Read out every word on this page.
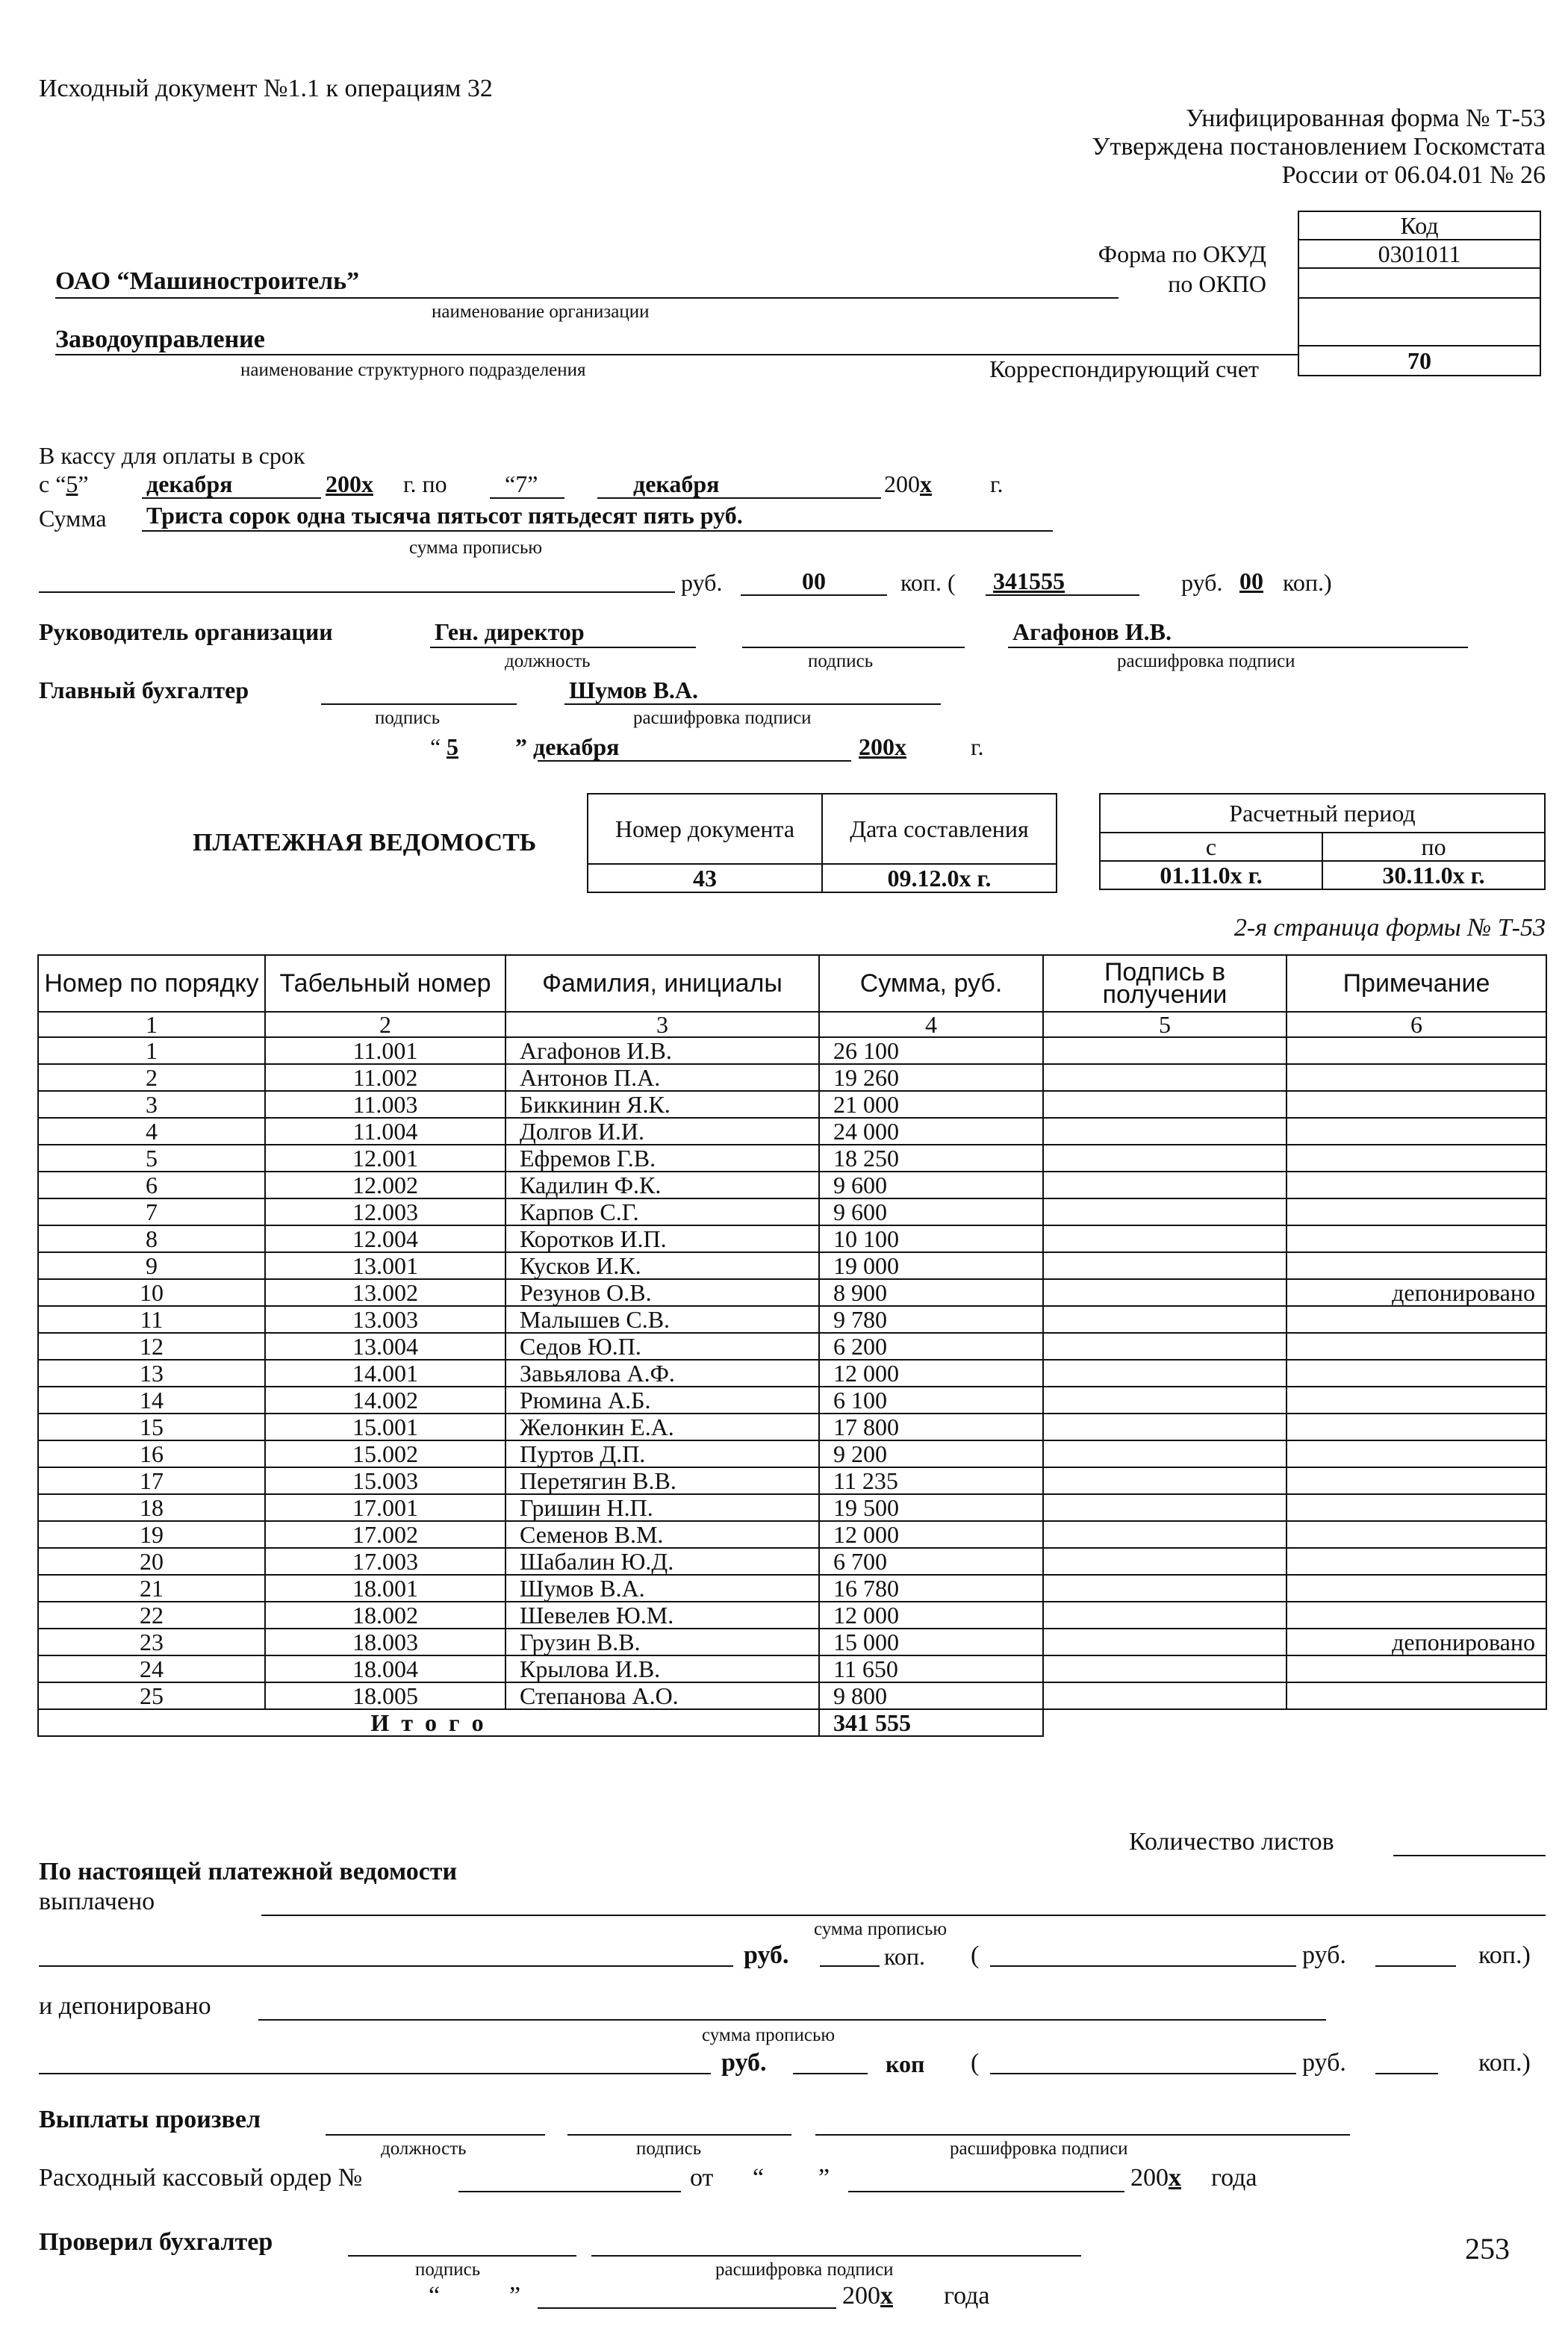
Исходный документ №1.1 к операциям 32
Унифицированная форма № Т-53
Утверждена постановлением Госкомстата
России от 06.04.01 № 26
Код
0301011

70
Форма по ОКУД
по ОКПО
Корреспондирующий счет
ОАО “Машиностроитель”
наименование организации
Заводоуправление
наименование структурного подразделения
В кассу для оплаты в срок
с “5” декабря	200x г. по “7”	декабря	200x г.
Сумма Триста сорок одна тысяча пятьсот пятьдесят пять руб.
сумма прописью
руб.	00	коп. ( 341555	руб. 00 коп.)
Руководитель организации	Ген. директор	Агафонов И.В.
должность	подпись	расшифровка подписи
Главный бухгалтер	Шумов В.А.
подпись	расшифровка подписи
“ 5 ” декабря	200x	г.
ПЛАТЕЖНАЯ ВЕДОМОСТЬ	Номер документа	Дата составления
43	09.12.0x г.
Расчетный период	
с	по
01.11.0x г.	30.11.0x г.
2-я страница формы № Т-53
Номер по порядку	Табельный номер	Фамилия, инициалы	Сумма, руб.	Подпись в получении	Примечание
1	2	3	4	5	6
1	11.001	Агафонов И.В.	26 100		
2	11.002	Антонов П.А.	19 260		
3	11.003	Биккинин Я.К.	21 000		
4	11.004	Долгов И.И.	24 000		
5	12.001	Ефремов Г.В.	18 250		
6	12.002	Кадилин Ф.К.	9 600		
7	12.003	Карпов С.Г.	9 600		
8	12.004	Коротков И.П.	10 100		
9	13.001	Кусков И.К.	19 000		
10	13.002	Резунов О.В.	8 900		депонировано
11	13.003	Малышев С.В.	9 780		
12	13.004	Седов Ю.П.	6 200		
13	14.001	Завьялова А.Ф.	12 000		
14	14.002	Рюмина А.Б.	6 100		
15	15.001	Желонкин Е.А.	17 800		
16	15.002	Пуртов Д.П.	9 200		
17	15.003	Перетягин В.В.	11 235		
18	17.001	Гришин Н.П.	19 500		
19	17.002	Семенов В.М.	12 000		
20	17.003	Шабалин Ю.Д.	6 700		
21	18.001	Шумов В.А.	16 780		
22	18.002	Шевелев Ю.М.	12 000		
23	18.003	Грузин В.В.	15 000		депонировано
24	18.004	Крылова И.В.	11 650		
25	18.005	Степанова А.О.	9 800		
И т о г о			341 555		
Количество листов
По настоящей платежной ведомости
выплачено
сумма прописью
руб.	коп. (	руб.	коп.)
и депонировано
сумма прописью
руб.	коп (	руб.	коп.)
Выплаты произвел
должность	подпись	расшифровка подписи
Расходный кассовый ордер №	от “ ”	200x года
Проверил бухгалтер
подпись	расшифровка подписи
“	”	200x года
253
